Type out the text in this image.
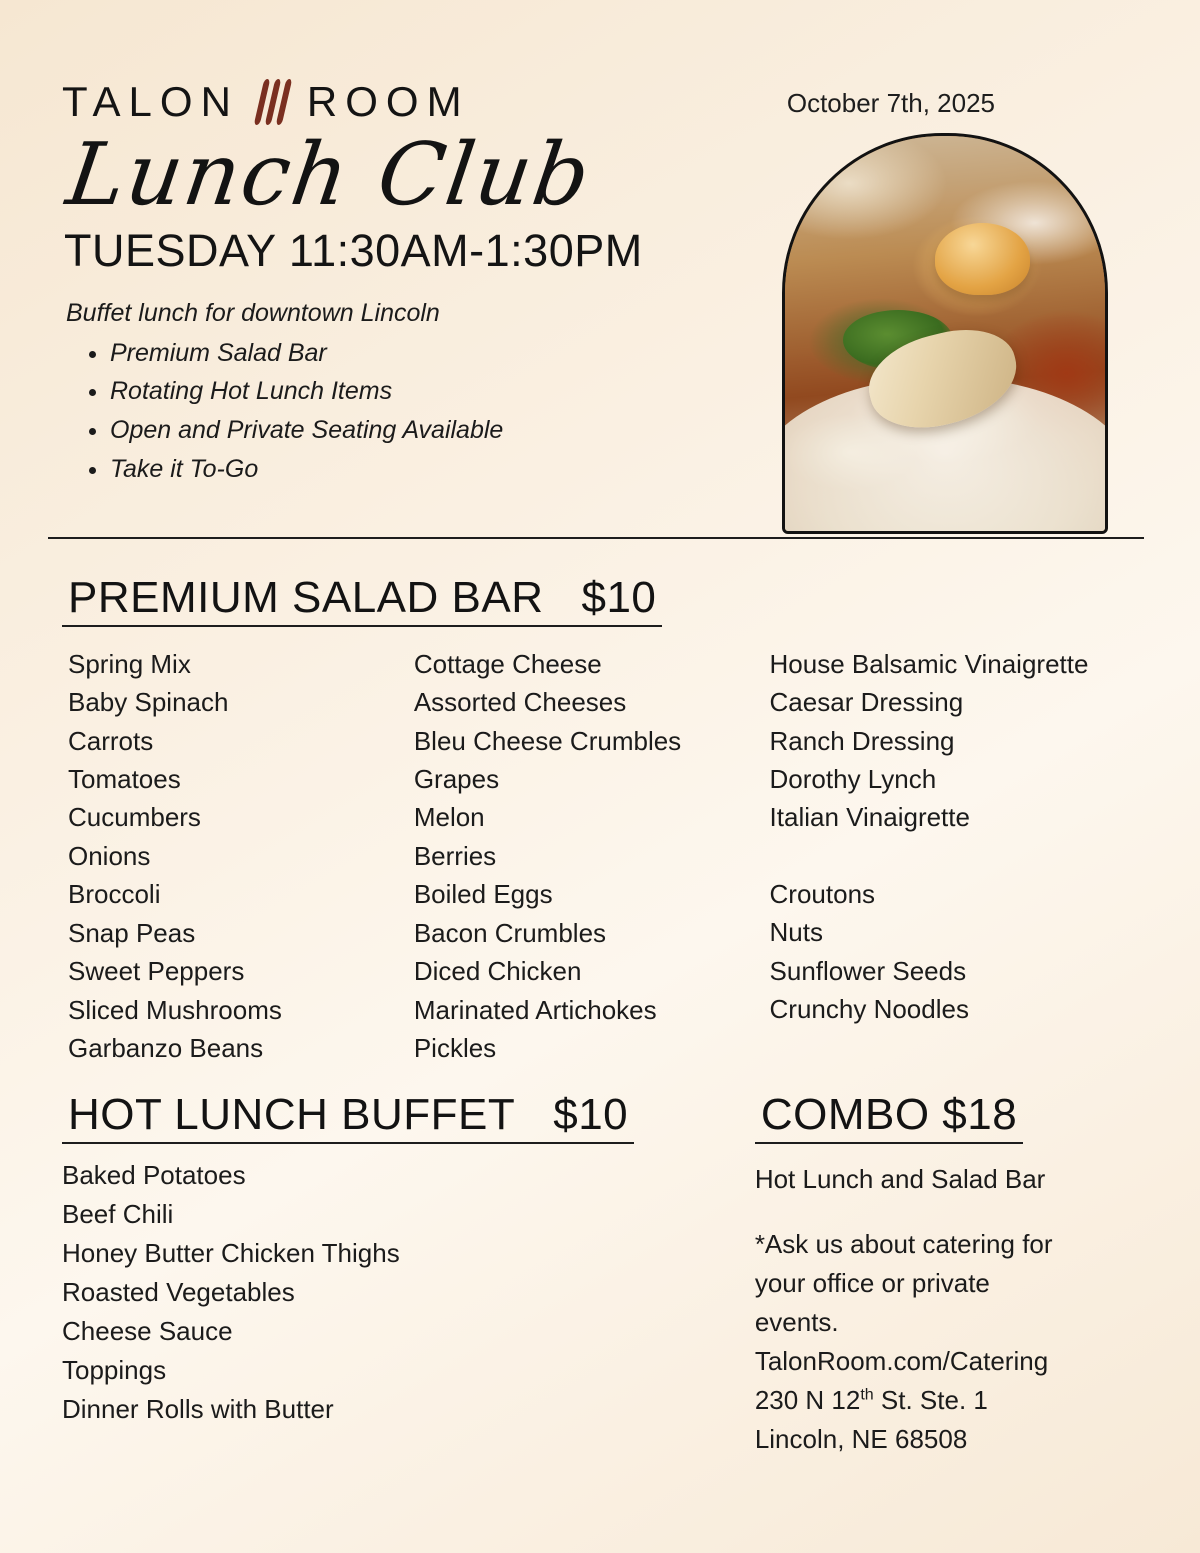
TALON ROOM	October 7th, 2025
Lunch Club
TUESDAY 11:30AM-1:30PM
Buffet lunch for downtown Lincoln
• Premium Salad Bar
• Rotating Hot Lunch Items
• Open and Private Seating Available
• Take it To-Go
PREMIUM SALAD BAR $10
Spring Mix
Baby Spinach
Carrots
Tomatoes
Cucumbers
Onions
Broccoli
Snap Peas
Sweet Peppers
Sliced Mushrooms
Garbanzo Beans
Cottage Cheese
Assorted Cheeses
Bleu Cheese Crumbles
Grapes
Melon
Berries
Boiled Eggs
Bacon Crumbles
Diced Chicken
Marinated Artichokes
Pickles
House Balsamic Vinaigrette
Caesar Dressing
Ranch Dressing
Dorothy Lynch
Italian Vinaigrette
Croutons
Nuts
Sunflower Seeds
Crunchy Noodles
HOT LUNCH BUFFET $10
Baked Potatoes
Beef Chili
Honey Butter Chicken Thighs
Roasted Vegetables
Cheese Sauce
Toppings
Dinner Rolls with Butter
COMBO $18
Hot Lunch and Salad Bar
*Ask us about catering for
your office or private
events.
TalonRoom.com/Catering
230 N 12th St. Ste. 1
Lincoln, NE 68508
